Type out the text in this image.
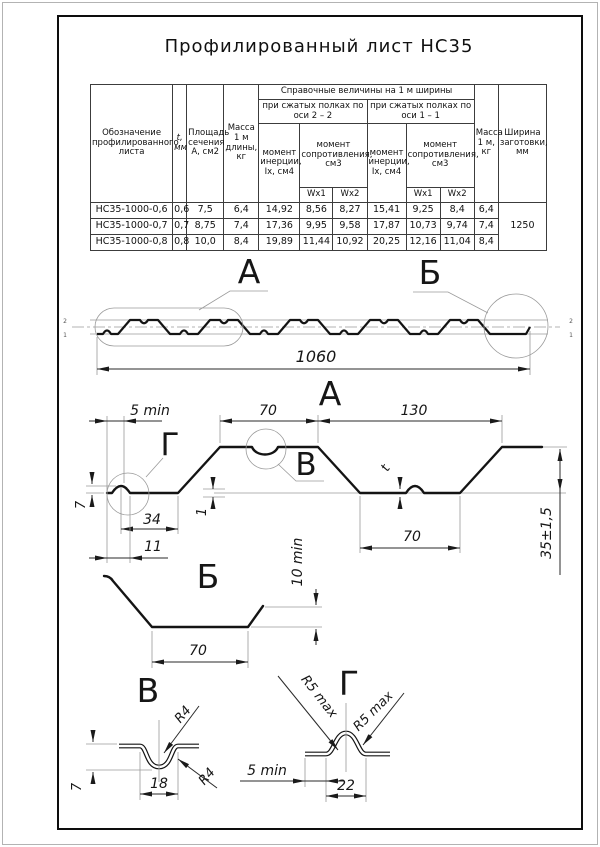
Профилированный лист НС35
Обозначение профилированного листа	t, мм	Площадь сечения А, см2	Масса 1 м длины, кг	Справочные величины на 1 м ширины						Масса 1 м, кг	Ширина заготовки, мм
				при сжатых полках по оси 2 – 2			при сжатых полках по оси 1 – 1				
				момент инерции, Iх, см4	момент сопротивления, см3		момент инерции, Iх, см4	момент сопротивления, см3			
					Wx1	Wx2		Wx1	Wx2		
НС35-1000-0,6	0,6	7,5	6,4	14,92	8,56	8,27	15,41	9,25	8,4	6,4	1250
НС35-1000-0,7	0,7	8,75	7,4	17,36	9,95	9,58	17,87	10,73	9,74	7,4	
НС35-1000-0,8	0,8	10,0	8,4	19,89	11,44	10,92	20,25	12,16	11,04	8,4	
А	Б
2
1
2
1
1060
А
5 min	70	130
7
34
11
1
t
70	35±1,5
Г
В
Б
70
10 min
В
7	18
R4
R4
Г
5 min
22
R5 max R5 max
